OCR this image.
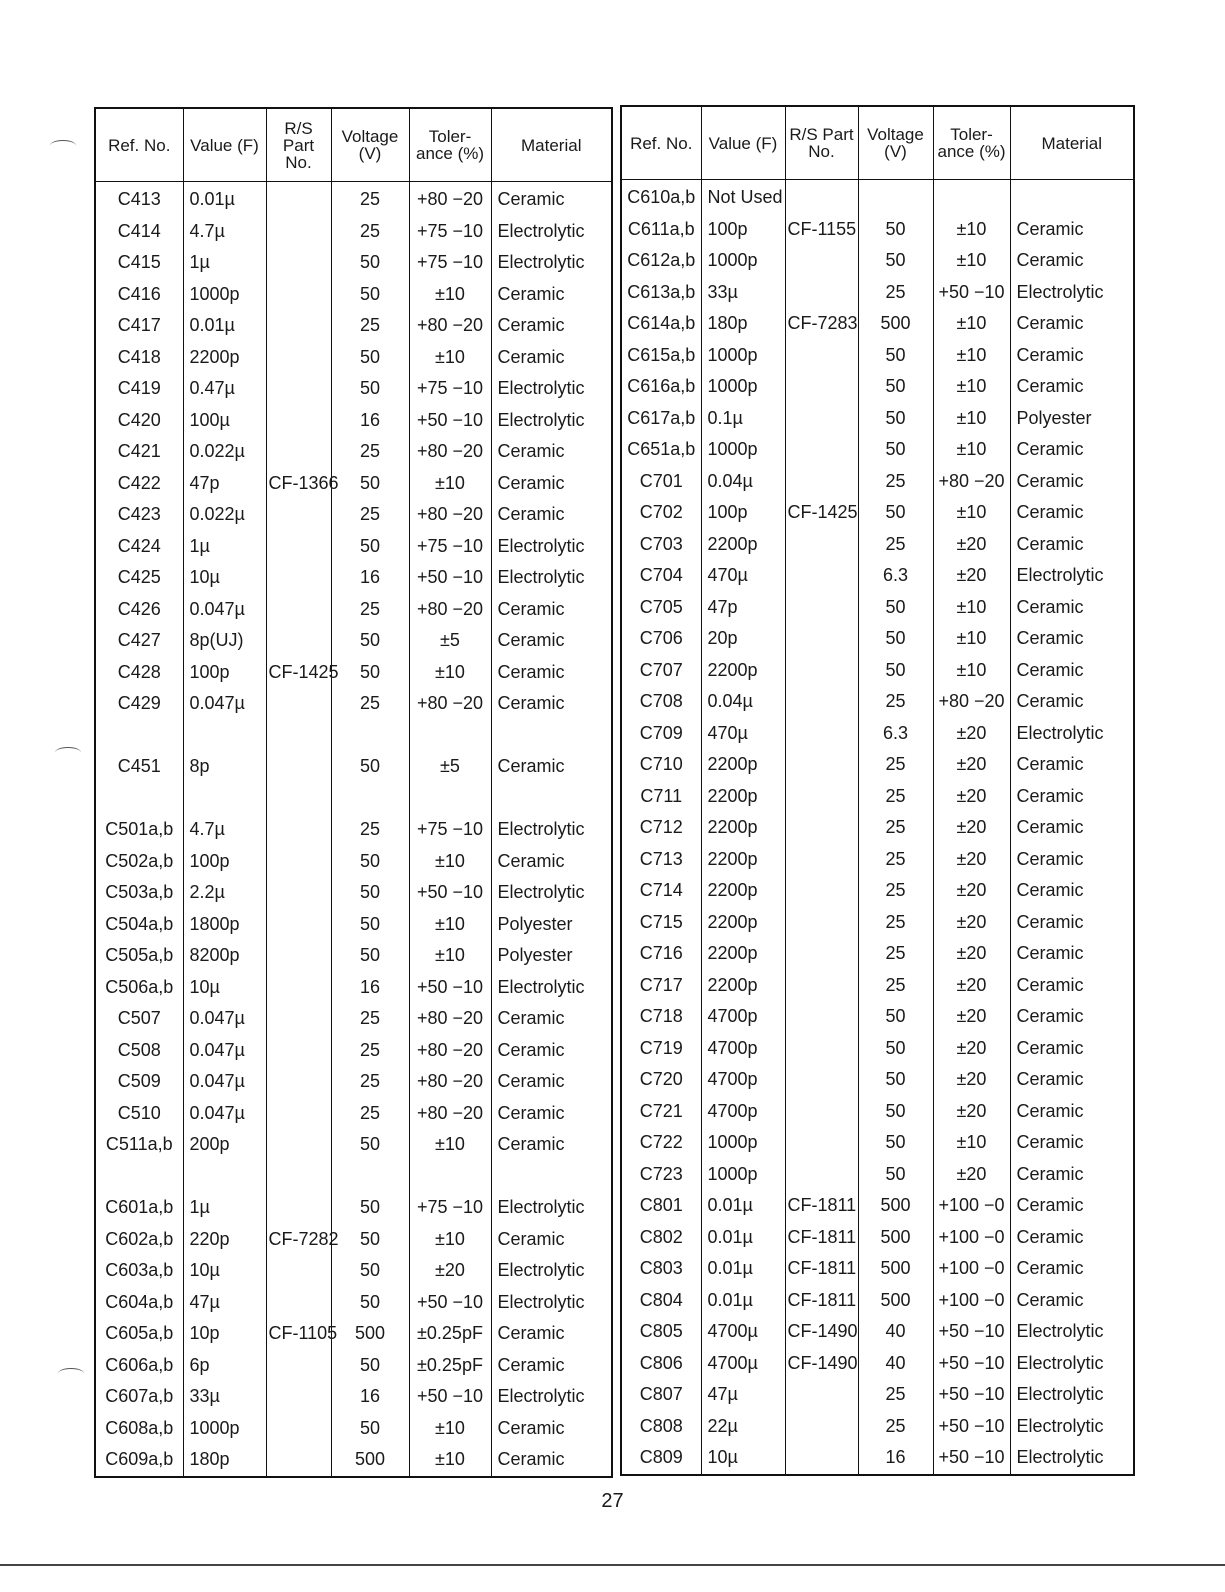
Ref. No.	Value (F)	R/S Part No.	Voltage (V)	Toler- ance (%)	Material
C413	0.01µ		25	+80 −20	Ceramic
C414	4.7µ		25	+75 −10	Electrolytic
C415	1µ		50	+75 −10	Electrolytic
C416	1000p		50	±10	Ceramic
C417	0.01µ		25	+80 −20	Ceramic
C418	2200p		50	±10	Ceramic
C419	0.47µ		50	+75 −10	Electrolytic
C420	100µ		16	+50 −10	Electrolytic
C421	0.022µ		25	+80 −20	Ceramic
C422	47p	CF-1366	50	±10	Ceramic
C423	0.022µ		25	+80 −20	Ceramic
C424	1µ		50	+75 −10	Electrolytic
C425	10µ		16	+50 −10	Electrolytic
C426	0.047µ		25	+80 −20	Ceramic
C427	8p(UJ)		50	±5	Ceramic
C428	100p	CF-1425	50	±10	Ceramic
C429	0.047µ		25	+80 −20	Ceramic

C451	8p		50	±5	Ceramic

C501a,b	4.7µ		25	+75 −10	Electrolytic
C502a,b	100p		50	±10	Ceramic
C503a,b	2.2µ		50	+50 −10	Electrolytic
C504a,b	1800p		50	±10	Polyester
C505a,b	8200p		50	±10	Polyester
C506a,b	10µ		16	+50 −10	Electrolytic
C507	0.047µ		25	+80 −20	Ceramic
C508	0.047µ		25	+80 −20	Ceramic
C509	0.047µ		25	+80 −20	Ceramic
C510	0.047µ		25	+80 −20	Ceramic
C511a,b	200p		50	±10	Ceramic

C601a,b	1µ		50	+75 −10	Electrolytic
C602a,b	220p	CF-7282	50	±10	Ceramic
C603a,b	10µ		50	±20	Electrolytic
C604a,b	47µ		50	+50 −10	Electrolytic
C605a,b	10p	CF-1105	500	±0.25pF	Ceramic
C606a,b	6p		50	±0.25pF	Ceramic
C607a,b	33µ		16	+50 −10	Electrolytic
C608a,b	1000p		50	±10	Ceramic
C609a,b	180p		500	±10	Ceramic
Ref. No.	Value (F)	R/S Part No.	Voltage (V)	Toler- ance (%)	Material
C610a,b	Not Used				
C611a,b	100p	CF-1155	50	±10	Ceramic
C612a,b	1000p		50	±10	Ceramic
C613a,b	33µ		25	+50 −10	Electrolytic
C614a,b	180p	CF-7283	500	±10	Ceramic
C615a,b	1000p		50	±10	Ceramic
C616a,b	1000p		50	±10	Ceramic
C617a,b	0.1µ		50	±10	Polyester
C651a,b	1000p		50	±10	Ceramic
C701	0.04µ		25	+80 −20	Ceramic
C702	100p	CF-1425	50	±10	Ceramic
C703	2200p		25	±20	Ceramic
C704	470µ		6.3	±20	Electrolytic
C705	47p		50	±10	Ceramic
C706	20p		50	±10	Ceramic
C707	2200p		50	±10	Ceramic
C708	0.04µ		25	+80 −20	Ceramic
C709	470µ		6.3	±20	Electrolytic
C710	2200p		25	±20	Ceramic
C711	2200p		25	±20	Ceramic
C712	2200p		25	±20	Ceramic
C713	2200p		25	±20	Ceramic
C714	2200p		25	±20	Ceramic
C715	2200p		25	±20	Ceramic
C716	2200p		25	±20	Ceramic
C717	2200p		25	±20	Ceramic
C718	4700p		50	±20	Ceramic
C719	4700p		50	±20	Ceramic
C720	4700p		50	±20	Ceramic
C721	4700p		50	±20	Ceramic
C722	1000p		50	±10	Ceramic
C723	1000p		50	±20	Ceramic
C801	0.01µ	CF-1811	500	+100 −0	Ceramic
C802	0.01µ	CF-1811	500	+100 −0	Ceramic
C803	0.01µ	CF-1811	500	+100 −0	Ceramic
C804	0.01µ	CF-1811	500	+100 −0	Ceramic
C805	4700µ	CF-1490	40	+50 −10	Electrolytic
C806	4700µ	CF-1490	40	+50 −10	Electrolytic
C807	47µ		25	+50 −10	Electrolytic
C808	22µ		25	+50 −10	Electrolytic
C809	10µ		16	+50 −10	Electrolytic
27
